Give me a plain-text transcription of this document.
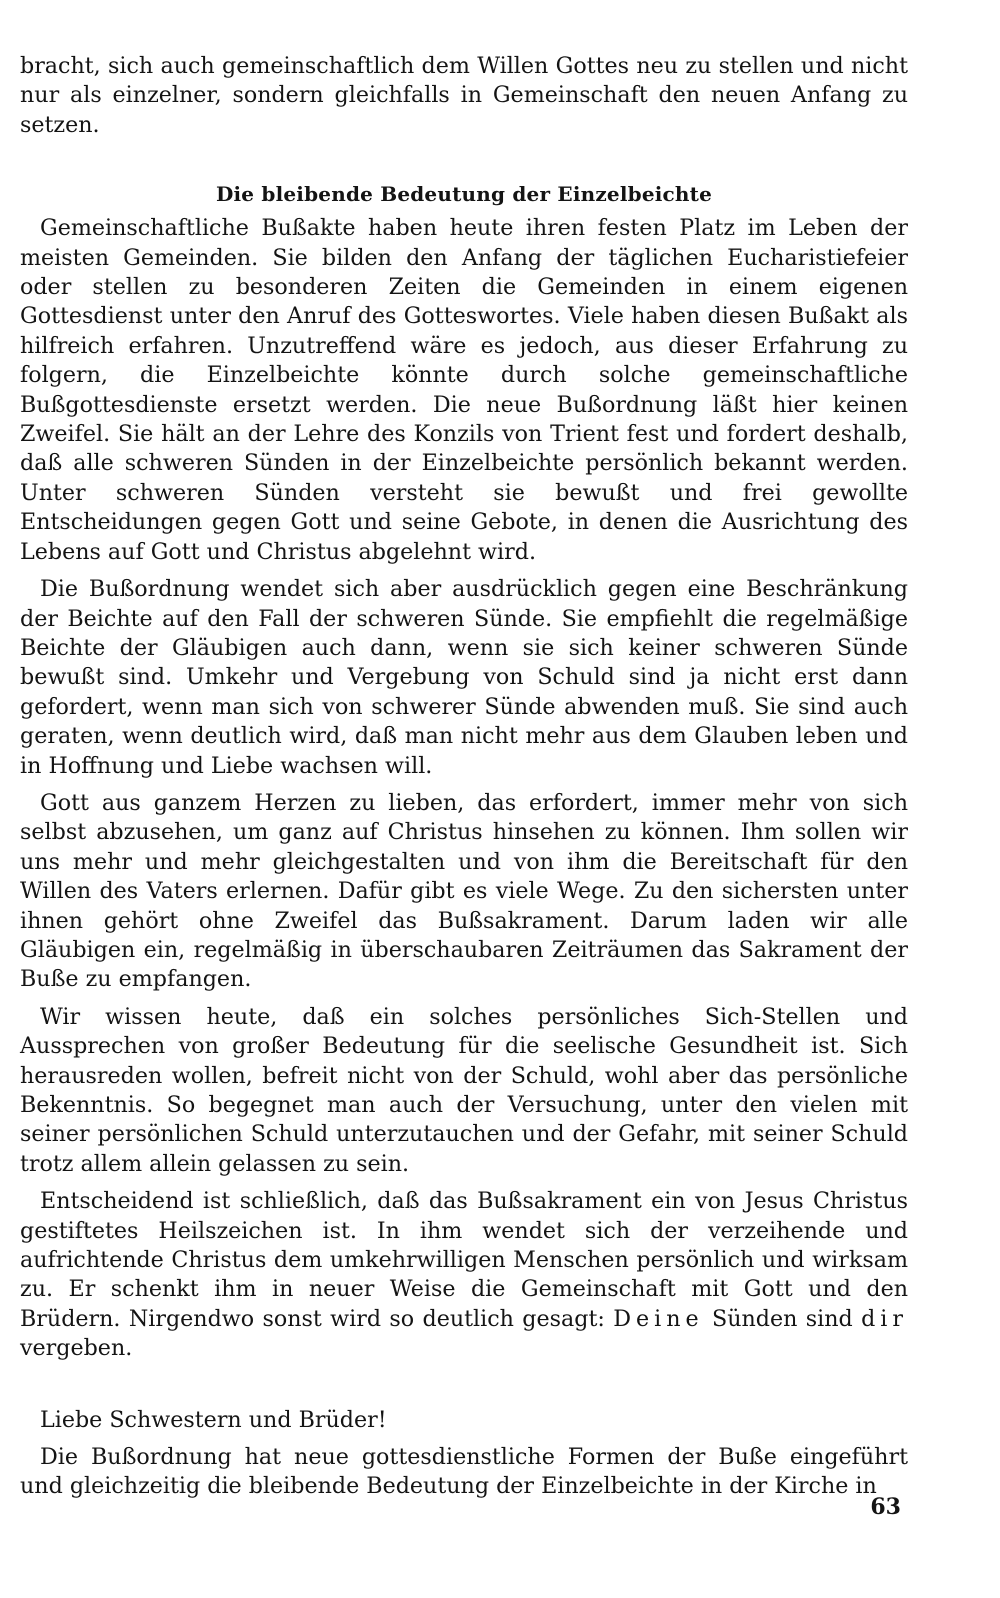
bracht, sich auch gemeinschaftlich dem Willen Gottes neu zu stellen und nicht nur als einzelner, sondern gleichfalls in Gemeinschaft den neuen Anfang zu setzen.

Die bleibende Bedeutung der Einzelbeichte

Gemeinschaftliche Bußakte haben heute ihren festen Platz im Leben der meisten Gemeinden. Sie bilden den Anfang der täglichen Eucharistiefeier oder stellen zu besonderen Zeiten die Gemeinden in einem eigenen Gottesdienst unter den Anruf des Gotteswortes. Viele haben diesen Bußakt als hilfreich erfahren. Unzutreffend wäre es jedoch, aus dieser Erfahrung zu folgern, die Einzelbeichte könnte durch solche gemeinschaftliche Bußgottesdienste ersetzt werden. Die neue Bußordnung läßt hier keinen Zweifel. Sie hält an der Lehre des Konzils von Trient fest und fordert deshalb, daß alle schweren Sünden in der Einzelbeichte persönlich bekannt werden. Unter schweren Sünden versteht sie bewußt und frei gewollte Entscheidungen gegen Gott und seine Gebote, in denen die Ausrichtung des Lebens auf Gott und Christus abgelehnt wird.

Die Bußordnung wendet sich aber ausdrücklich gegen eine Beschränkung der Beichte auf den Fall der schweren Sünde. Sie empfiehlt die regelmäßige Beichte der Gläubigen auch dann, wenn sie sich keiner schweren Sünde bewußt sind. Umkehr und Vergebung von Schuld sind ja nicht erst dann gefordert, wenn man sich von schwerer Sünde abwenden muß. Sie sind auch geraten, wenn deutlich wird, daß man nicht mehr aus dem Glauben leben und in Hoffnung und Liebe wachsen will.

Gott aus ganzem Herzen zu lieben, das erfordert, immer mehr von sich selbst abzusehen, um ganz auf Christus hinsehen zu können. Ihm sollen wir uns mehr und mehr gleichgestalten und von ihm die Bereitschaft für den Willen des Vaters erlernen. Dafür gibt es viele Wege. Zu den sichersten unter ihnen gehört ohne Zweifel das Bußsakrament. Darum laden wir alle Gläubigen ein, regelmäßig in überschaubaren Zeiträumen das Sakrament der Buße zu empfangen.

Wir wissen heute, daß ein solches persönliches Sich-Stellen und Aussprechen von großer Bedeutung für die seelische Gesundheit ist. Sich herausreden wollen, befreit nicht von der Schuld, wohl aber das persönliche Bekenntnis. So begegnet man auch der Versuchung, unter den vielen mit seiner persönlichen Schuld unterzutauchen und der Gefahr, mit seiner Schuld trotz allem allein gelassen zu sein.

Entscheidend ist schließlich, daß das Bußsakrament ein von Jesus Christus gestiftetes Heilszeichen ist. In ihm wendet sich der verzeihende und aufrichtende Christus dem umkehrwilligen Menschen persönlich und wirksam zu. Er schenkt ihm in neuer Weise die Gemeinschaft mit Gott und den Brüdern. Nirgendwo sonst wird so deutlich gesagt: Deine Sünden sind dir vergeben.

Liebe Schwestern und Brüder!

Die Bußordnung hat neue gottesdienstliche Formen der Buße eingeführt und gleichzeitig die bleibende Bedeutung der Einzelbeichte in der Kirche in

63
